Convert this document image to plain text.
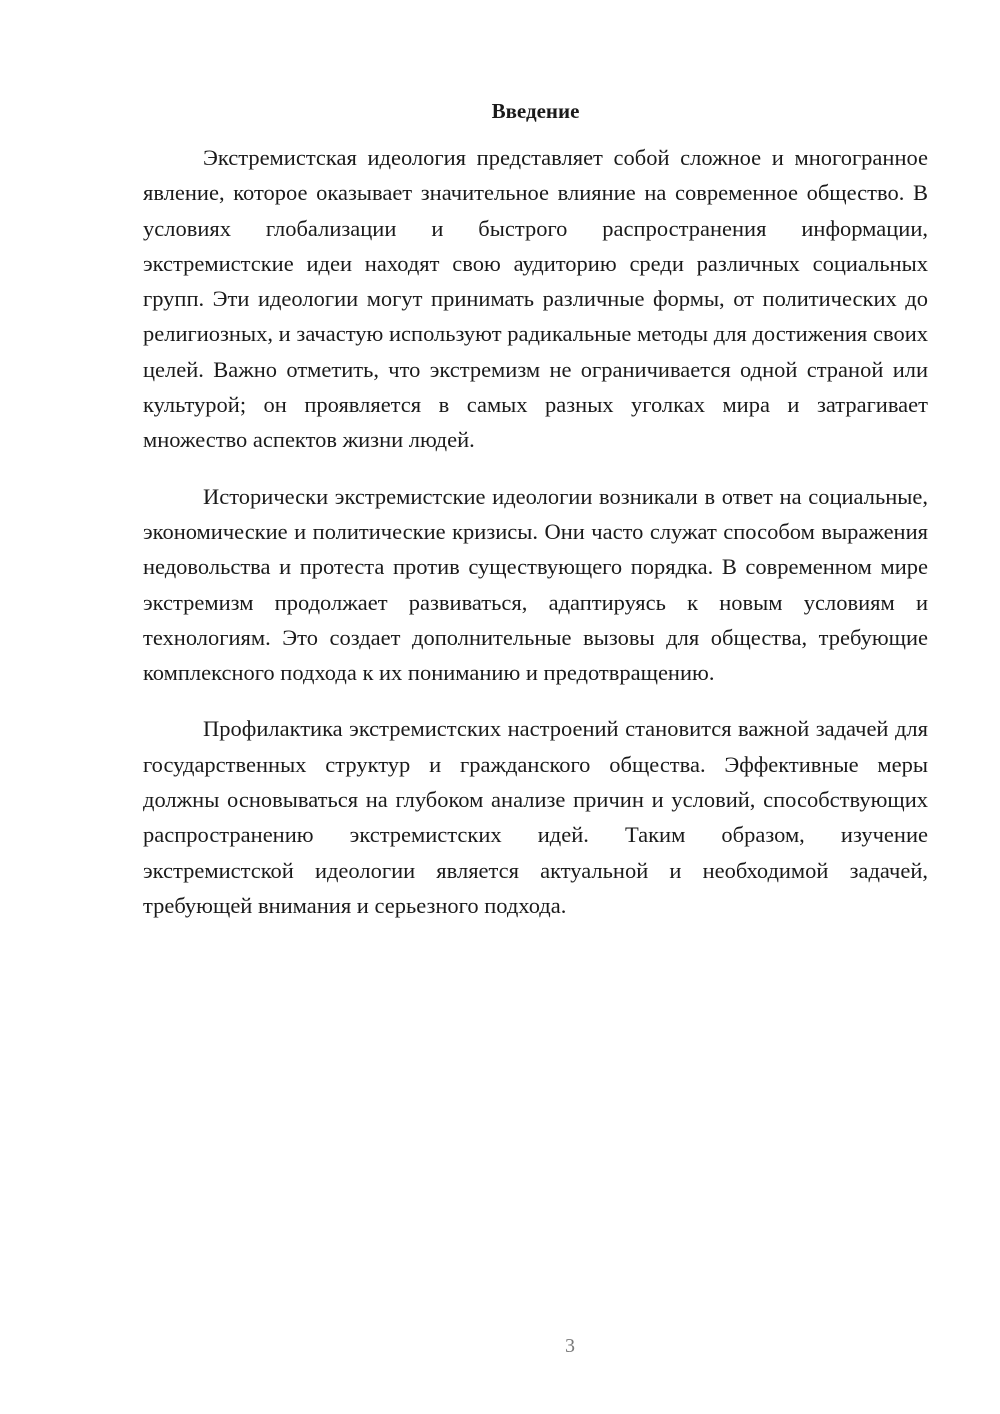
Введение

Экстремистская идеология представляет собой сложное и многогранное явление, которое оказывает значительное влияние на современное общество. В условиях глобализации и быстрого распространения информации, экстремистские идеи находят свою аудиторию среди различных социальных групп. Эти идеологии могут принимать различные формы, от политических до религиозных, и зачастую используют радикальные методы для достижения своих целей. Важно отметить, что экстремизм не ограничивается одной страной или культурой; он проявляется в самых разных уголках мира и затрагивает множество аспектов жизни людей.

Исторически экстремистские идеологии возникали в ответ на социальные, экономические и политические кризисы. Они часто служат способом выражения недовольства и протеста против существующего порядка. В современном мире экстремизм продолжает развиваться, адаптируясь к новым условиям и технологиям. Это создает дополнительные вызовы для общества, требующие комплексного подхода к их пониманию и предотвращению.

Профилактика экстремистских настроений становится важной задачей для государственных структур и гражданского общества. Эффективные меры должны основываться на глубоком анализе причин и условий, способствующих распространению экстремистских идей. Таким образом, изучение экстремистской идеологии является актуальной и необходимой задачей, требующей внимания и серьезного подхода.

3
